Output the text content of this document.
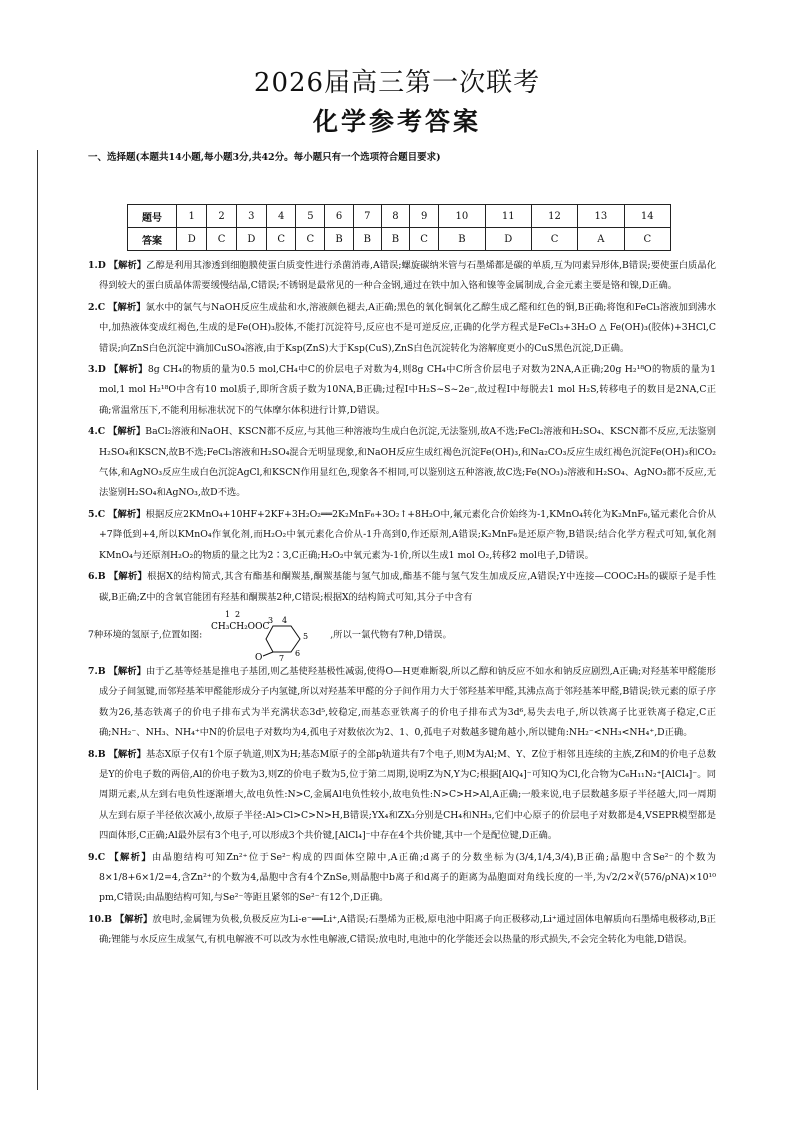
2026届高三第一次联考
化学参考答案
一、选择题(本题共14小题,每小题3分,共42分。每小题只有一个选项符合题目要求)
题号	1	2	3	4	5	6	7	8	9	10	11	12	13	14
答案	D	C	D	C	C	B	B	B	C	B	D	C	A	C

1.D 【解析】乙醇是利用其渗透到细胞膜使蛋白质变性进行杀菌消毒,A错误;螺旋碳纳米管与石墨烯都是碳的单质,互为同素异形体,B错误;要使蛋白质晶化得到较大的蛋白质晶体需要缓慢结晶,C错误;不锈钢是最常见的一种合金钢,通过在铁中加入铬和镍等金属制成,合金元素主要是铬和镍,D正确。

2.C 【解析】氯水中的氯气与NaOH反应生成盐和水,溶液颜色褪去,A正确;黑色的氧化铜氧化乙醇生成乙醛和红色的铜,B正确;将饱和FeCl₃溶液加到沸水中,加热液体变成红褐色,生成的是Fe(OH)₃胶体,不能打沉淀符号,反应也不是可逆反应,正确的化学方程式是FeCl₃+3H₂O △ Fe(OH)₃(胶体)+3HCl,C错误;向ZnS白色沉淀中滴加CuSO₄溶液,由于Ksp(ZnS)大于Ksp(CuS),ZnS白色沉淀转化为溶解度更小的CuS黑色沉淀,D正确。

3.D 【解析】8g CH₄的物质的量为0.5 mol,CH₄中C的价层电子对数为4,则8g CH₄中C所含价层电子对数为2NA,A正确;20g H₂¹⁸O的物质的量为1 mol,1 mol H₂¹⁸O中含有10 mol质子,即所含质子数为10NA,B正确;过程Ⅰ中H₂S~S~2e⁻,故过程Ⅰ中每脱去1 mol H₂S,转移电子的数目是2NA,C正确;常温常压下,不能利用标准状况下的气体摩尔体积进行计算,D错误。

4.C 【解析】BaCl₂溶液和NaOH、KSCN都不反应,与其他三种溶液均生成白色沉淀,无法鉴别,故A不选;FeCl₂溶液和H₂SO₄、KSCN都不反应,无法鉴别H₂SO₄和KSCN,故B不选;FeCl₃溶液和H₂SO₄混合无明显现象,和NaOH反应生成红褐色沉淀Fe(OH)₃,和Na₂CO₃反应生成红褐色沉淀Fe(OH)₃和CO₂气体,和AgNO₃反应生成白色沉淀AgCl,和KSCN作用显红色,现象各不相同,可以鉴别这五种溶液,故C选;Fe(NO₃)₃溶液和H₂SO₄、AgNO₃都不反应,无法鉴别H₂SO₄和AgNO₃,故D不选。

5.C 【解析】根据反应2KMnO₄+10HF+2KF+3H₂O₂══2K₂MnF₆+3O₂↑+8H₂O中,氟元素化合价始终为-1,KMnO₄转化为K₂MnF₆,锰元素化合价从+7降低到+4,所以KMnO₄作氧化剂,而H₂O₂中氧元素化合价从-1升高到0,作还原剂,A错误;K₂MnF₆是还原产物,B错误;结合化学方程式可知,氧化剂KMnO₄与还原剂H₂O₂的物质的量之比为2∶3,C正确;H₂O₂中氧元素为-1价,所以生成1 mol O₂,转移2 mol电子,D错误。

6.B 【解析】根据X的结构简式,其含有酯基和酮羰基,酮羰基能与氢气加成,酯基不能与氢气发生加成反应,A错误;Y中连接—COOC₂H₅的碳原子是手性碳,B正确;Z中的含氧官能团有羟基和酮羰基2种,C错误;根据X的结构简式可知,其分子中含有

7种环境的氢原子,位置如图:
1 2
CH₃CH₂OOC
3 4
O
5
6
7
,所以一氯代物有7种,D错误。

7.B 【解析】由于乙基等烃基是推电子基团,则乙基使羟基极性减弱,使得O—H更难断裂,所以乙醇和钠反应不如水和钠反应剧烈,A正确;对羟基苯甲醛能形成分子间氢键,而邻羟基苯甲醛能形成分子内氢键,所以对羟基苯甲醛的分子间作用力大于邻羟基苯甲醛,其沸点高于邻羟基苯甲醛,B错误;铁元素的原子序数为26,基态铁离子的价电子排布式为半充满状态3d⁵,较稳定,而基态亚铁离子的价电子排布式为3d⁶,易失去电子,所以铁离子比亚铁离子稳定,C正确;NH₂⁻、NH₃、NH₄⁺中N的价层电子对数均为4,孤电子对数依次为2、1、0,孤电子对数越多键角越小,所以键角:NH₂⁻<NH₃<NH₄⁺,D正确。

8.B 【解析】基态X原子仅有1个原子轨道,则X为H;基态M原子的全部p轨道共有7个电子,则M为Al;M、Y、Z位于相邻且连续的主族,Z和M的价电子总数是Y的价电子数的两倍,Al的价电子数为3,则Z的价电子数为5,位于第二周期,说明Z为N,Y为C;根据[AlQ₄]⁻可知Q为Cl,化合物为C₆H₁₁N₂⁺[AlCl₄]⁻。同周期元素,从左到右电负性逐渐增大,故电负性:N>C,金属Al电负性较小,故电负性:N>C>H>Al,A正确;一般来说,电子层数越多原子半径越大,同一周期从左到右原子半径依次减小,故原子半径:Al>Cl>C>N>H,B错误;YX₄和ZX₃分别是CH₄和NH₃,它们中心原子的价层电子对数都是4,VSEPR模型都是四面体形,C正确;Al最外层有3个电子,可以形成3个共价键,[AlCl₄]⁻中存在4个共价键,其中一个是配位键,D正确。

9.C 【解析】由晶胞结构可知Zn²⁺位于Se²⁻构成的四面体空隙中,A正确;d离子的分数坐标为(3/4,1/4,3/4),B正确;晶胞中含Se²⁻的个数为8×1/8+6×1/2=4,含Zn²⁺的个数为4,晶胞中含有4个ZnSe,则晶胞中b离子和d离子的距离为晶胞面对角线长度的一半,为√2/2×∛(576/ρNA)×10¹⁰ pm,C错误;由晶胞结构可知,与Se²⁻等距且紧邻的Se²⁻有12个,D正确。

10.B 【解析】放电时,金属锂为负极,负极反应为Li-e⁻══Li⁺,A错误;石墨烯为正极,原电池中阳离子向正极移动,Li⁺通过固体电解质向石墨烯电极移动,B正确;锂能与水反应生成氢气,有机电解液不可以改为水性电解液,C错误;放电时,电池中的化学能还会以热量的形式损失,不会完全转化为电能,D错误。
